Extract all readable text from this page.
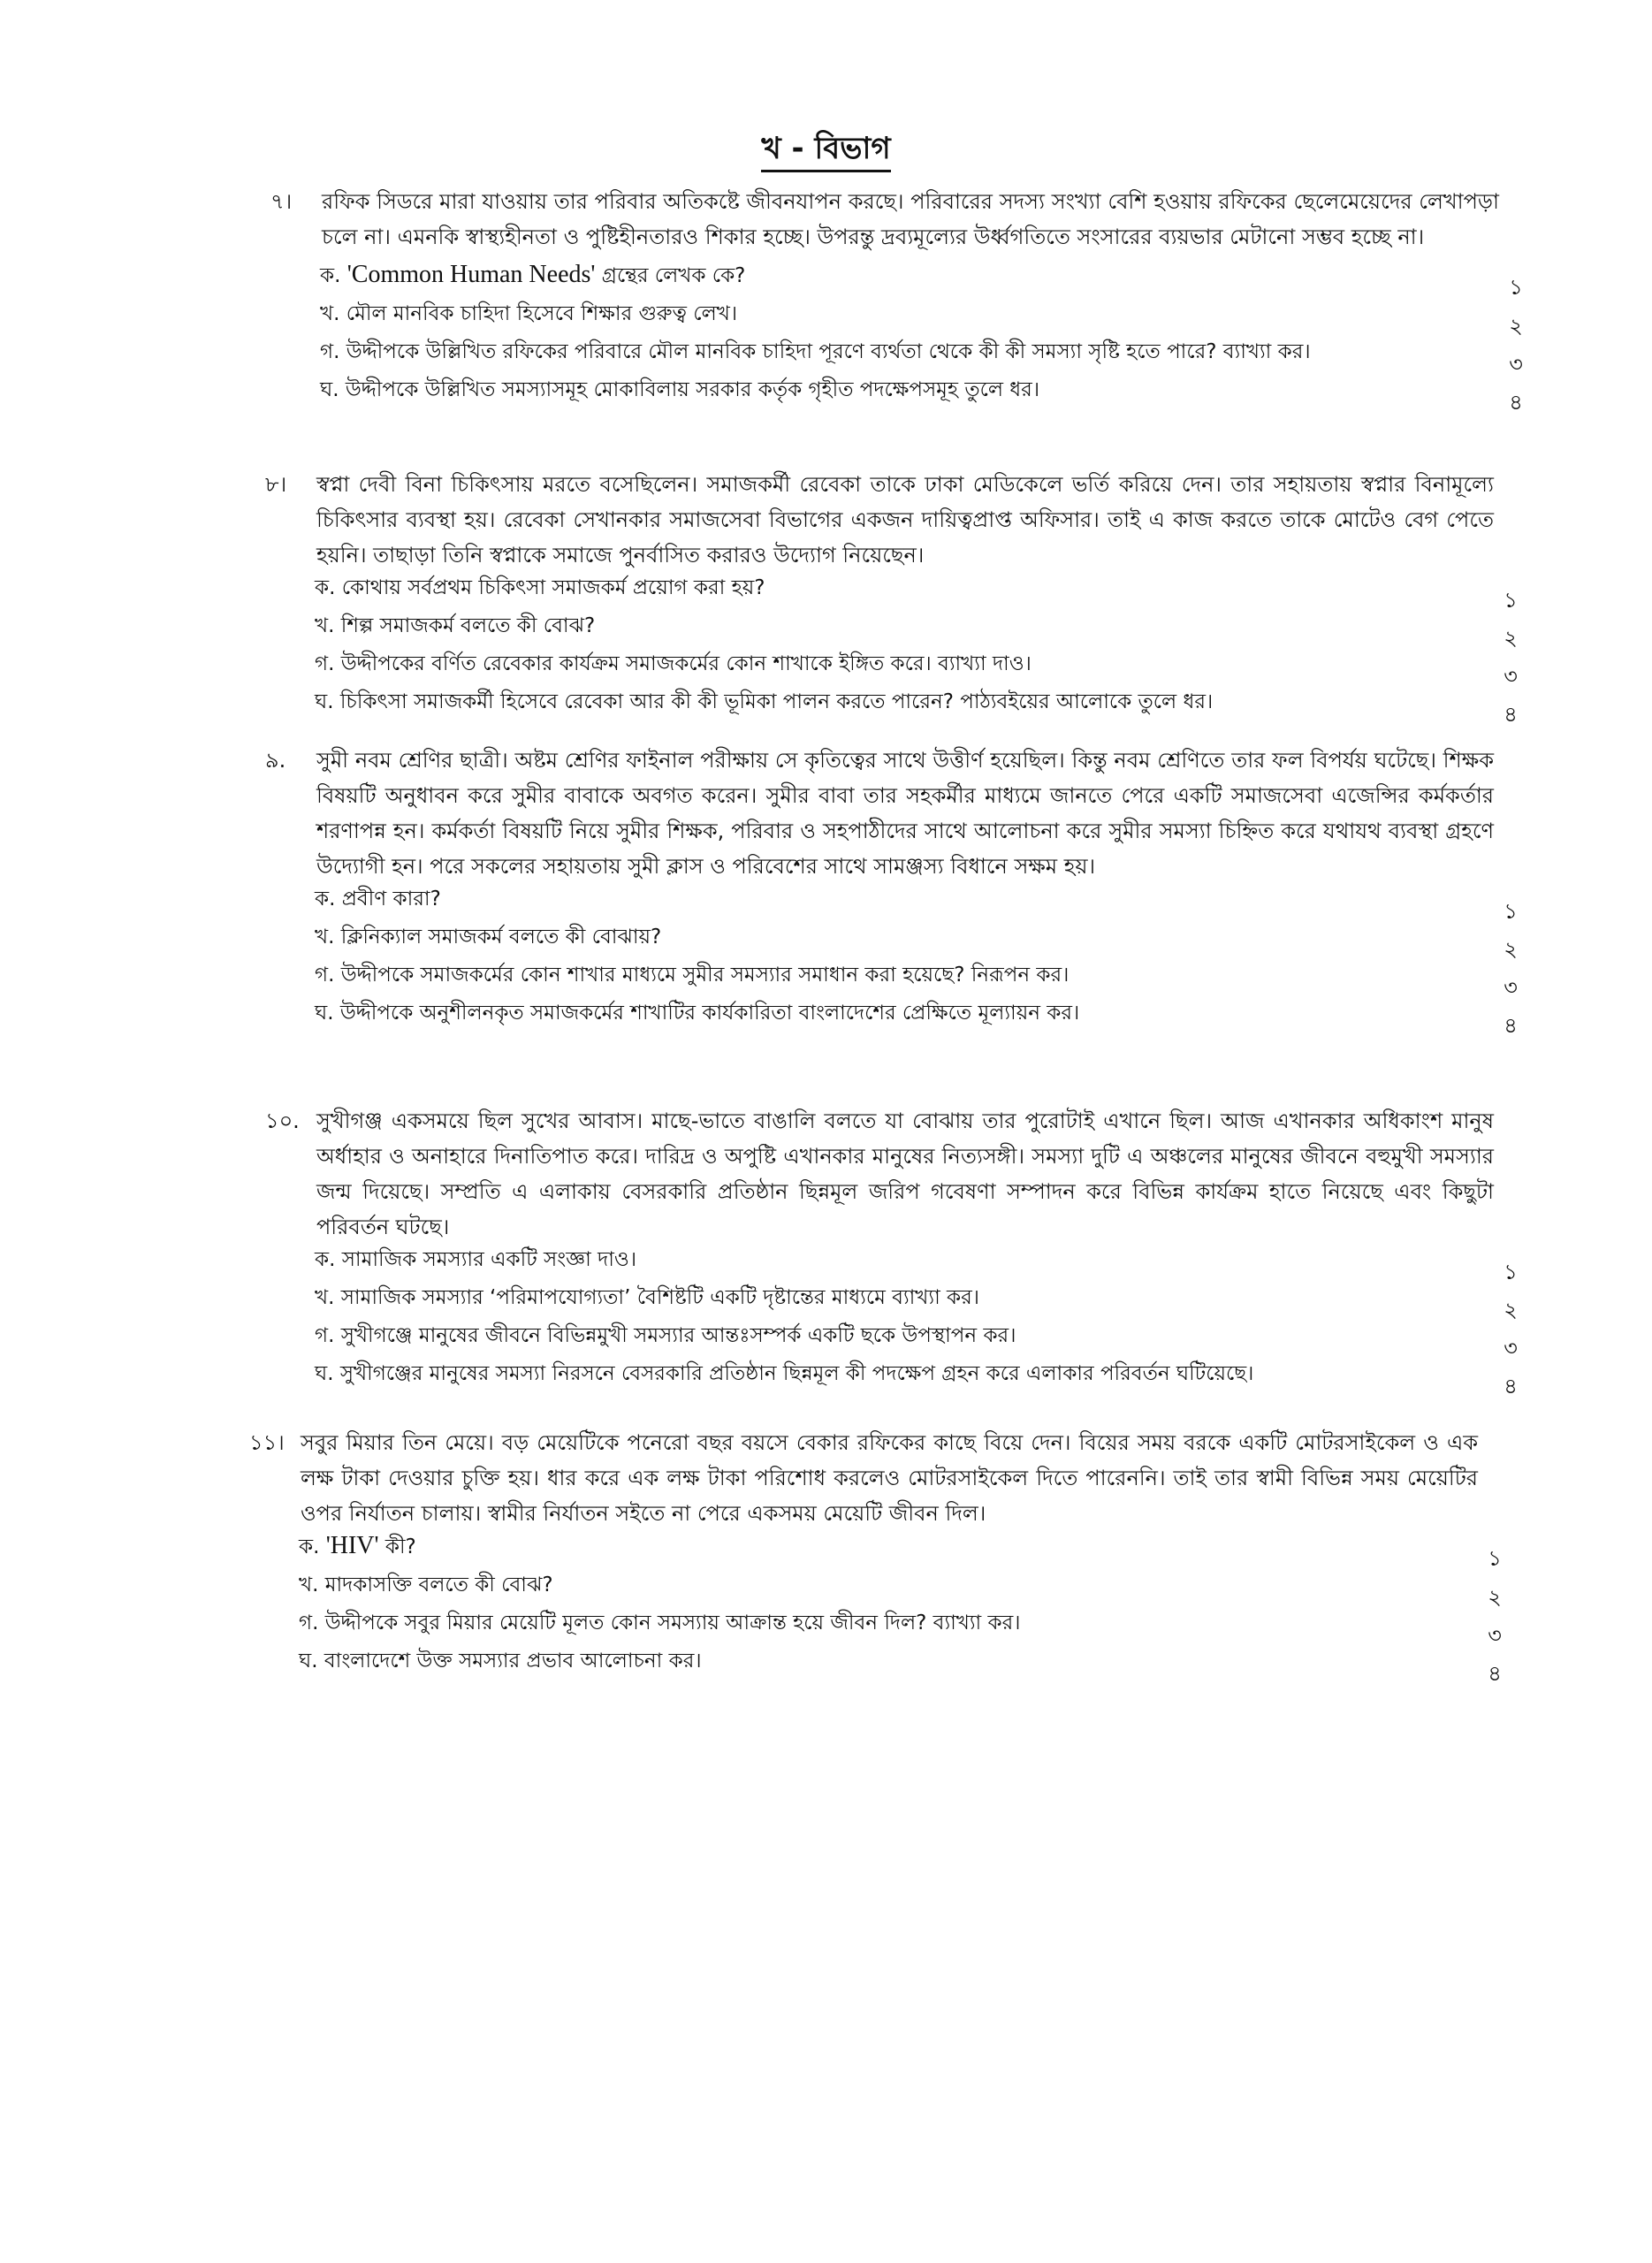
খ - বিভাগ
৭।	রফিক সিডরে মারা যাওয়ায় তার পরিবার অতিকষ্টে জীবনযাপন করছে। পরিবারের সদস্য সংখ্যা বেশি হওয়ায় রফিকের ছেলেমেয়েদের লেখাপড়া চলে না। এমনকি স্বাস্থ্যহীনতা ও পুষ্টিহীনতারও শিকার হচ্ছে। উপরন্তু দ্রব্যমূল্যের উর্ধ্বগতিতে সংসারের ব্যয়ভার মেটানো সম্ভব হচ্ছে না।
ক. 'Common Human Needs' গ্রন্থের লেখক কে?	১
খ. মৌল মানবিক চাহিদা হিসেবে শিক্ষার গুরুত্ব লেখ।	২
গ. উদ্দীপকে উল্লিখিত রফিকের পরিবারে মৌল মানবিক চাহিদা পূরণে ব্যর্থতা থেকে কী কী সমস্যা সৃষ্টি হতে পারে? ব্যাখ্যা কর।	৩
ঘ. উদ্দীপকে উল্লিখিত সমস্যাসমূহ মোকাবিলায় সরকার কর্তৃক গৃহীত পদক্ষেপসমূহ তুলে ধর।	৪
৮।	স্বপ্না দেবী বিনা চিকিৎসায় মরতে বসেছিলেন। সমাজকর্মী রেবেকা তাকে ঢাকা মেডিকেলে ভর্তি করিয়ে দেন। তার সহায়তায় স্বপ্নার বিনামূল্যে চিকিৎসার ব্যবস্থা হয়। রেবেকা সেখানকার সমাজসেবা বিভাগের একজন দায়িত্বপ্রাপ্ত অফিসার। তাই এ কাজ করতে তাকে মোটেও বেগ পেতে হয়নি। তাছাড়া তিনি স্বপ্নাকে সমাজে পুনর্বাসিত করারও উদ্যোগ নিয়েছেন।
ক. কোথায় সর্বপ্রথম চিকিৎসা সমাজকর্ম প্রয়োগ করা হয়?	১
খ. শিল্প সমাজকর্ম বলতে কী বোঝ?	২
গ. উদ্দীপকের বর্ণিত রেবেকার কার্যক্রম সমাজকর্মের কোন শাখাকে ইঙ্গিত করে। ব্যাখ্যা দাও।	৩
ঘ. চিকিৎসা সমাজকর্মী হিসেবে রেবেকা আর কী কী ভূমিকা পালন করতে পারেন? পাঠ্যবইয়ের আলোকে তুলে ধর।	৪
৯.	সুমী নবম শ্রেণির ছাত্রী। অষ্টম শ্রেণির ফাইনাল পরীক্ষায় সে কৃতিত্বের সাথে উত্তীর্ণ হয়েছিল। কিন্তু নবম শ্রেণিতে তার ফল বিপর্যয় ঘটেছে। শিক্ষক বিষয়টি অনুধাবন করে সুমীর বাবাকে অবগত করেন। সুমীর বাবা তার সহকর্মীর মাধ্যমে জানতে পেরে একটি সমাজসেবা এজেন্সির কর্মকর্তার শরণাপন্ন হন। কর্মকর্তা বিষয়টি নিয়ে সুমীর শিক্ষক, পরিবার ও সহপাঠীদের সাথে আলোচনা করে সুমীর সমস্যা চিহ্নিত করে যথাযথ ব্যবস্থা গ্রহণে উদ্যোগী হন। পরে সকলের সহায়তায় সুমী ক্লাস ও পরিবেশের সাথে সামঞ্জস্য বিধানে সক্ষম হয়।
ক. প্রবীণ কারা?	১
খ. ক্লিনিক্যাল সমাজকর্ম বলতে কী বোঝায়?	২
গ. উদ্দীপকে সমাজকর্মের কোন শাখার মাধ্যমে সুমীর সমস্যার সমাধান করা হয়েছে? নিরূপন কর।	৩
ঘ. উদ্দীপকে অনুশীলনকৃত সমাজকর্মের শাখাটির কার্যকারিতা বাংলাদেশের প্রেক্ষিতে মূল্যায়ন কর।	৪
১০. সুখীগঞ্জ একসময়ে ছিল সুখের আবাস। মাছে-ভাতে বাঙালি বলতে যা বোঝায় তার পুরোটাই এখানে ছিল। আজ এখানকার অধিকাংশ মানুষ অর্ধাহার ও অনাহারে দিনাতিপাত করে। দারিদ্র ও অপুষ্টি এখানকার মানুষের নিত্যসঙ্গী। সমস্যা দুটি এ অঞ্চলের মানুষের জীবনে বহুমুখী সমস্যার জন্ম দিয়েছে। সম্প্রতি এ এলাকায় বেসরকারি প্রতিষ্ঠান ছিন্নমূল জরিপ গবেষণা সম্পাদন করে বিভিন্ন কার্যক্রম হাতে নিয়েছে এবং কিছুটা পরিবর্তন ঘটছে।
ক. সামাজিক সমস্যার একটি সংজ্ঞা দাও।	১
খ. সামাজিক সমস্যার ‘পরিমাপযোগ্যতা’ বৈশিষ্টটি একটি দৃষ্টান্তের মাধ্যমে ব্যাখ্যা কর।	২
গ. সুখীগঞ্জে মানুষের জীবনে বিভিন্নমুখী সমস্যার আন্তঃসম্পর্ক একটি ছকে উপস্থাপন কর।	৩
ঘ. সুখীগঞ্জের মানুষের সমস্যা নিরসনে বেসরকারি প্রতিষ্ঠান ছিন্নমূল কী পদক্ষেপ গ্রহন করে এলাকার পরিবর্তন ঘটিয়েছে।	৪
১১। সবুর মিয়ার তিন মেয়ে। বড় মেয়েটিকে পনেরো বছর বয়সে বেকার রফিকের কাছে বিয়ে দেন। বিয়ের সময় বরকে একটি মোটরসাইকেল ও এক লক্ষ টাকা দেওয়ার চুক্তি হয়। ধার করে এক লক্ষ টাকা পরিশোধ করলেও মোটরসাইকেল দিতে পারেননি। তাই তার স্বামী বিভিন্ন সময় মেয়েটির ওপর নির্যাতন চালায়। স্বামীর নির্যাতন সইতে না পেরে একসময় মেয়েটি জীবন দিল।
ক. 'HIV' কী?	১
খ. মাদকাসক্তি বলতে কী বোঝ?	২
গ. উদ্দীপকে সবুর মিয়ার মেয়েটি মূলত কোন সমস্যায় আক্রান্ত হয়ে জীবন দিল? ব্যাখ্যা কর।	৩
ঘ. বাংলাদেশে উক্ত সমস্যার প্রভাব আলোচনা কর।	৪
